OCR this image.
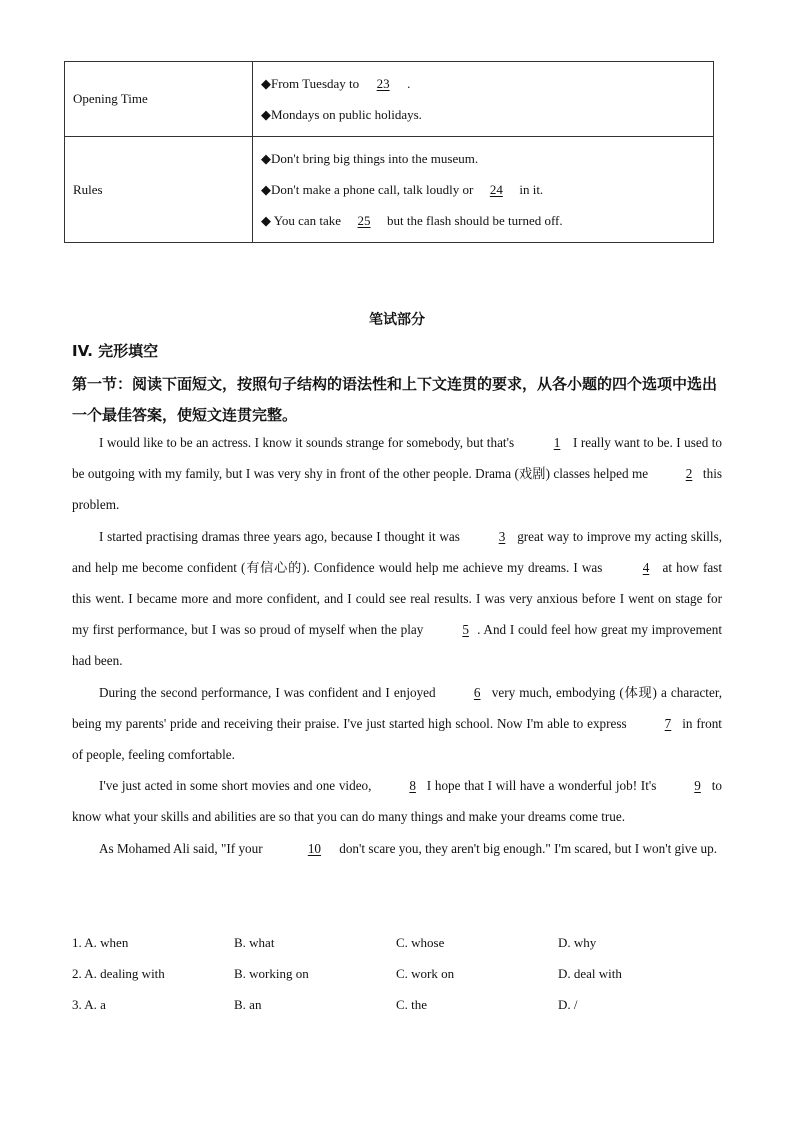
Opening Time	◆From Tuesday to 23 .
◆Mondays on public holidays.

Rules	◆Don't bring big things into the museum.
◆Don't make a phone call, talk loudly or 24 in it.
◆ You can take 25 but the flash should be turned off.
笔试部分
IV. 完形填空
第一节：阅读下面短文，按照句子结构的语法性和上下文连贯的要求，从各小题的四个选项中选出一个最佳答案，使短文连贯完整。

I would like to be an actress. I know it sounds strange for somebody, but that's	1 I really want to be. I used to be outgoing with my family, but I was very shy in front of the other people. Drama (戏剧) classes helped me	2 this problem.

I started practising dramas three years ago, because I thought it was	3 great way to improve my acting skills, and help me become confident (有信心的). Confidence would help me achieve my dreams. I was	4 at how fast this went. I became more and more confident, and I could see real results. I was very anxious before I went on stage for my first performance, but I was so proud of myself when the play	5 . And I could feel how great my improvement had been.

During the second performance, I was confident and I enjoyed	6 very much, embodying (体现) a character, being my parents' pride and receiving their praise. I've just started high school. Now I'm able to express	7 in front of people, feeling comfortable.

I've just acted in some short movies and one video,	8 I hope that I will have a wonderful job! It's	9 to know what your skills and abilities are so that you can do many things and make your dreams come true.

As Mohamed Ali said, "If your	10 don't scare you, they aren't big enough." I'm scared, but I won't give up.

1. A. when	B. what	C. whose	D. why
2. A. dealing with	B. working on	C. work on	D. deal with
3. A. a	B. an	C. the	D. /
